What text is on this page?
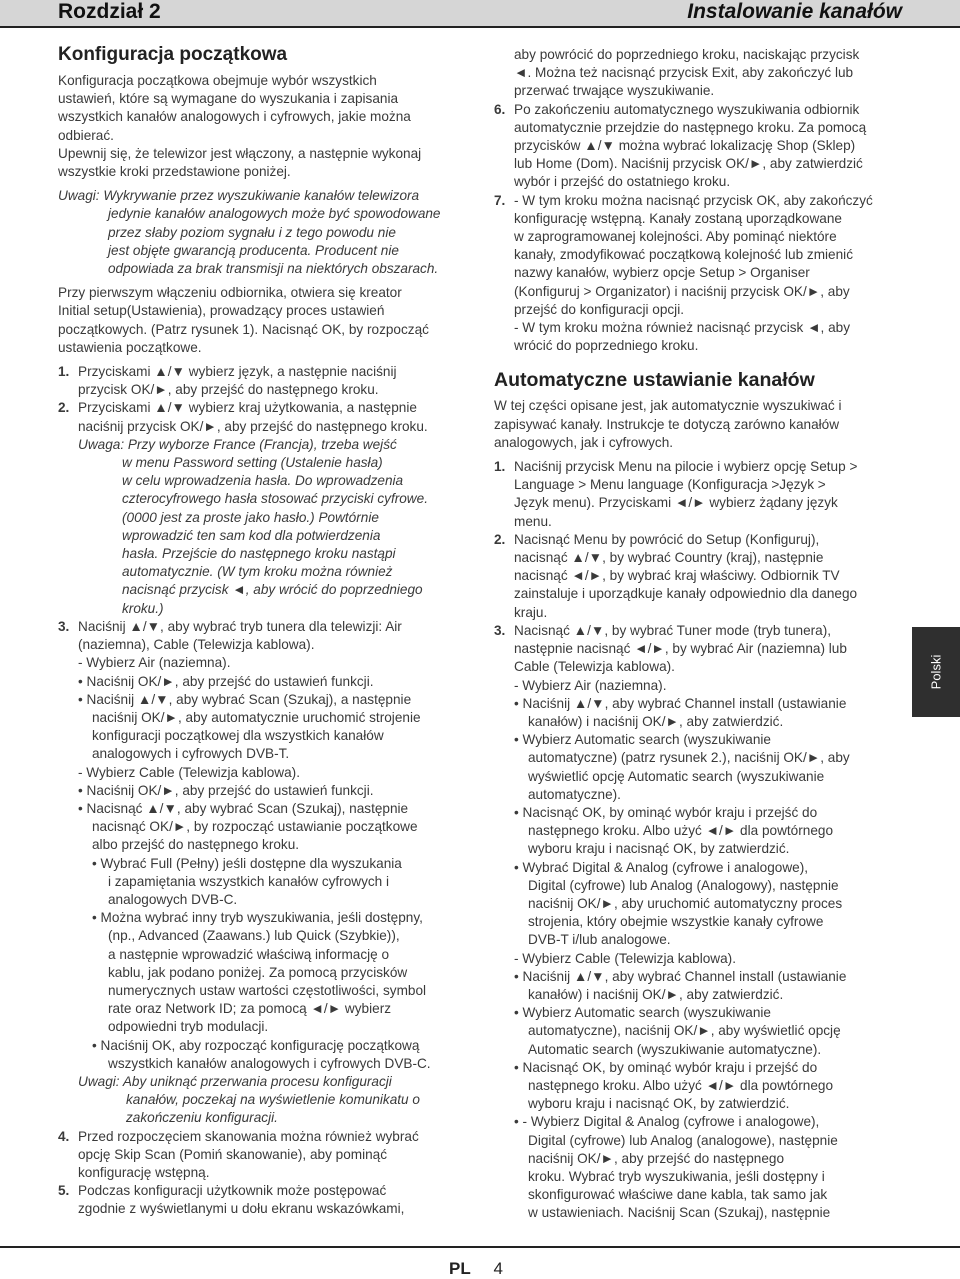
Rozdział 2	Instalowanie kanałów
Konfiguracja początkowa
Konfiguracja początkowa obejmuje wybór wszystkich
ustawień, które są wymagane do wyszukania i zapisania
wszystkich kanałów analogowych i cyfrowych, jakie można
odbierać.
Upewnij się, że telewizor jest włączony, a następnie wykonaj
wszystkie kroki przedstawione poniżej.
Uwagi: Wykrywanie przez wyszukiwanie kanałów telewizora
jedynie kanałów analogowych może być spowodowane
przez słaby poziom sygnału i z tego powodu nie
jest objęte gwarancją producenta. Producent nie
odpowiada za brak transmisji na niektórych obszarach.
Przy pierwszym włączeniu odbiornika, otwiera się kreator
Initial setup(Ustawienia), prowadzący proces ustawień
początkowych. (Patrz rysunek 1). Nacisnąć OK, by rozpocząć
ustawienia początkowe.
1. Przyciskami ▲/▼ wybierz język, a następnie naciśnij
przycisk OK/►, aby przejść do następnego kroku.
2. Przyciskami ▲/▼ wybierz kraj użytkowania, a następnie
naciśnij przycisk OK/►, aby przejść do następnego kroku.
Uwaga: Przy wyborze France (Francja), trzeba wejść
w menu Password setting (Ustalenie hasła)
w celu wprowadzenia hasła. Do wprowadzenia
czterocyfrowego hasła stosować przyciski cyfrowe.
(0000 jest za proste jako hasło.) Powtórnie
wprowadzić ten sam kod dla potwierdzenia
hasła. Przejście do następnego kroku nastąpi
automatycznie. (W tym kroku można również
nacisnąć przycisk ◄, aby wrócić do poprzedniego
kroku.)
3. Naciśnij ▲/▼, aby wybrać tryb tunera dla telewizji: Air
(naziemna), Cable (Telewizja kablowa).
- Wybierz Air (naziemna).
• Naciśnij OK/►, aby przejść do ustawień funkcji.
• Naciśnij ▲/▼, aby wybrać Scan (Szukaj), a następnie
naciśnij OK/►, aby automatycznie uruchomić strojenie
konfiguracji początkowej dla wszystkich kanałów
analogowych i cyfrowych DVB-T.
- Wybierz Cable (Telewizja kablowa).
• Naciśnij OK/►, aby przejść do ustawień funkcji.
• Nacisnąć ▲/▼, aby wybrać Scan (Szukaj), następnie
nacisnąć OK/►, by rozpocząć ustawianie początkowe
albo przejść do następnego kroku.
• Wybrać Full (Pełny) jeśli dostępne dla wyszukania
i zapamiętania wszystkich kanałów cyfrowych i
analogowych DVB-C.
• Można wybrać inny tryb wyszukiwania, jeśli dostępny,
(np., Advanced (Zaawans.) lub Quick (Szybkie)),
a następnie wprowadzić właściwą informację o
kablu, jak podano poniżej. Za pomocą przycisków
numerycznych ustaw wartości częstotliwości, symbol
rate oraz Network ID; za pomocą ◄/► wybierz
odpowiedni tryb modulacji.
• Naciśnij OK, aby rozpocząć konfigurację początkową
wszystkich kanałów analogowych i cyfrowych DVB-C.
Uwagi: Aby uniknąć przerwania procesu konfiguracji
kanałów, poczekaj na wyświetlenie komunikatu o
zakończeniu konfiguracji.
4. Przed rozpoczęciem skanowania można również wybrać
opcję Skip Scan (Pomiń skanowanie), aby pominąć
konfigurację wstępną.
5. Podczas konfiguracji użytkownik może postępować
zgodnie z wyświetlanymi u dołu ekranu wskazówkami,
aby powrócić do poprzedniego kroku, naciskając przycisk
◄. Można też nacisnąć przycisk Exit, aby zakończyć lub
przerwać trwające wyszukiwanie.
6. Po zakończeniu automatycznego wyszukiwania odbiornik
automatycznie przejdzie do następnego kroku. Za pomocą
przycisków ▲/▼ można wybrać lokalizację Shop (Sklep)
lub Home (Dom). Naciśnij przycisk OK/►, aby zatwierdzić
wybór i przejść do ostatniego kroku.
7. - W tym kroku można nacisnąć przycisk OK, aby zakończyć
konfigurację wstępną. Kanały zostaną uporządkowane
w zaprogramowanej kolejności. Aby pominąć niektóre
kanały, zmodyfikować początkową kolejność lub zmienić
nazwy kanałów, wybierz opcje Setup > Organiser
(Konfiguruj > Organizator) i naciśnij przycisk OK/►, aby
przejść do konfiguracji opcji.
- W tym kroku można również nacisnąć przycisk ◄, aby
wrócić do poprzedniego kroku.
Automatyczne ustawianie kanałów
W tej części opisane jest, jak automatycznie wyszukiwać i
zapisywać kanały. Instrukcje te dotyczą zarówno kanałów
analogowych, jak i cyfrowych.
1. Naciśnij przycisk Menu na pilocie i wybierz opcję Setup >
Language > Menu language (Konfiguracja >Język >
Język menu). Przyciskami ◄/► wybierz żądany język
menu.
2. Nacisnąć Menu by powrócić do Setup (Konfiguruj),
nacisnąć ▲/▼, by wybrać Country (kraj), następnie
nacisnąć ◄/►, by wybrać kraj właściwy. Odbiornik TV
zainstaluje i uporządkuje kanały odpowiednio dla danego
kraju.
3. Nacisnąć ▲/▼, by wybrać Tuner mode (tryb tunera),
następnie nacisnąć ◄/►, by wybrać Air (naziemna) lub
Cable (Telewizja kablowa).
- Wybierz Air (naziemna).
• Naciśnij ▲/▼, aby wybrać Channel install (ustawianie
kanałów) i naciśnij OK/►, aby zatwierdzić.
• Wybierz Automatic search (wyszukiwanie
automatyczne) (patrz rysunek 2.), naciśnij OK/►, aby
wyświetlić opcję Automatic search (wyszukiwanie
automatyczne).
• Nacisnąć OK, by ominąć wybór kraju i przejść do
następnego kroku. Albo użyć ◄/► dla powtórnego
wyboru kraju i nacisnąć OK, by zatwierdzić.
• Wybrać Digital & Analog (cyfrowe i analogowe),
Digital (cyfrowe) lub Analog (Analogowy), następnie
naciśnij OK/►, aby uruchomić automatyczny proces
strojenia, który obejmie wszystkie kanały cyfrowe
DVB-T i/lub analogowe.
- Wybierz Cable (Telewizja kablowa).
• Naciśnij ▲/▼, aby wybrać Channel install (ustawianie
kanałów) i naciśnij OK/►, aby zatwierdzić.
• Wybierz Automatic search (wyszukiwanie
automatyczne), naciśnij OK/►, aby wyświetlić opcję
Automatic search (wyszukiwanie automatyczne).
• Nacisnąć OK, by ominąć wybór kraju i przejść do
następnego kroku. Albo użyć ◄/► dla powtórnego
wyboru kraju i nacisnąć OK, by zatwierdzić.
• - Wybierz Digital & Analog (cyfrowe i analogowe),
Digital (cyfrowe) lub Analog (analogowe), następnie
naciśnij OK/►, aby przejść do następnego
kroku. Wybrać tryb wyszukiwania, jeśli dostępny i
skonfigurować właściwe dane kabla, tak samo jak
w ustawieniach. Naciśnij Scan (Szukaj), następnie
Polski
PL 4
